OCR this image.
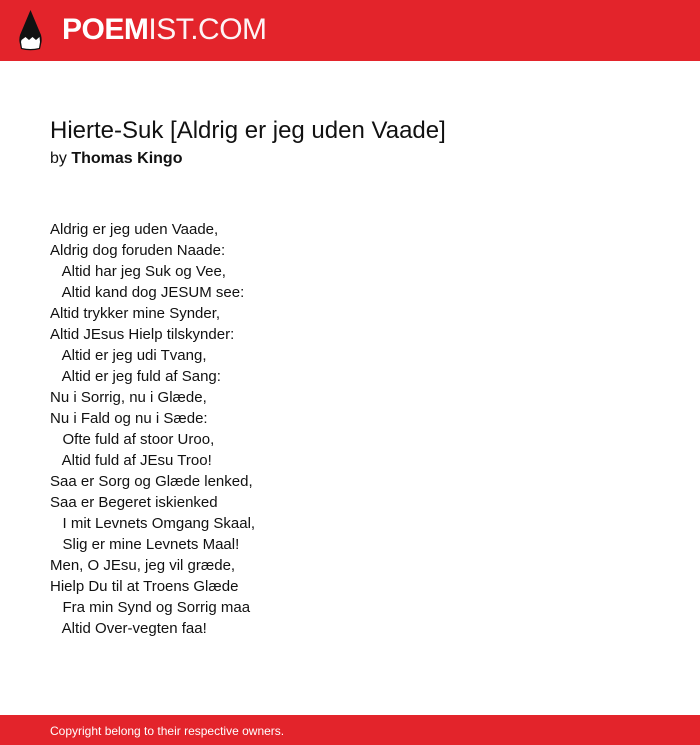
POEM IST.COM
Hierte-Suk [Aldrig er jeg uden Vaade]
by Thomas Kingo
Aldrig er jeg uden Vaade,
Aldrig dog foruden Naade:
Altid har jeg Suk og Vee,
Altid kand dog JESUM see:
Altid trykker mine Synder,
Altid JEsus Hielp tilskynder:
Altid er jeg udi Tvang,
Altid er jeg fuld af Sang:
Nu i Sorrig, nu i Glæde,
Nu i Fald og nu i Sæde:
Ofte fuld af stoor Uroo,
Altid fuld af JEsu Troo!
Saa er Sorg og Glæde lenked,
Saa er Begeret iskienked
I mit Levnets Omgang Skaal,
Slig er mine Levnets Maal!
Men, O JEsu, jeg vil græde,
Hielp Du til at Troens Glæde
Fra min Synd og Sorrig maa
Altid Over-vegten faa!
Copyright belong to their respective owners.
